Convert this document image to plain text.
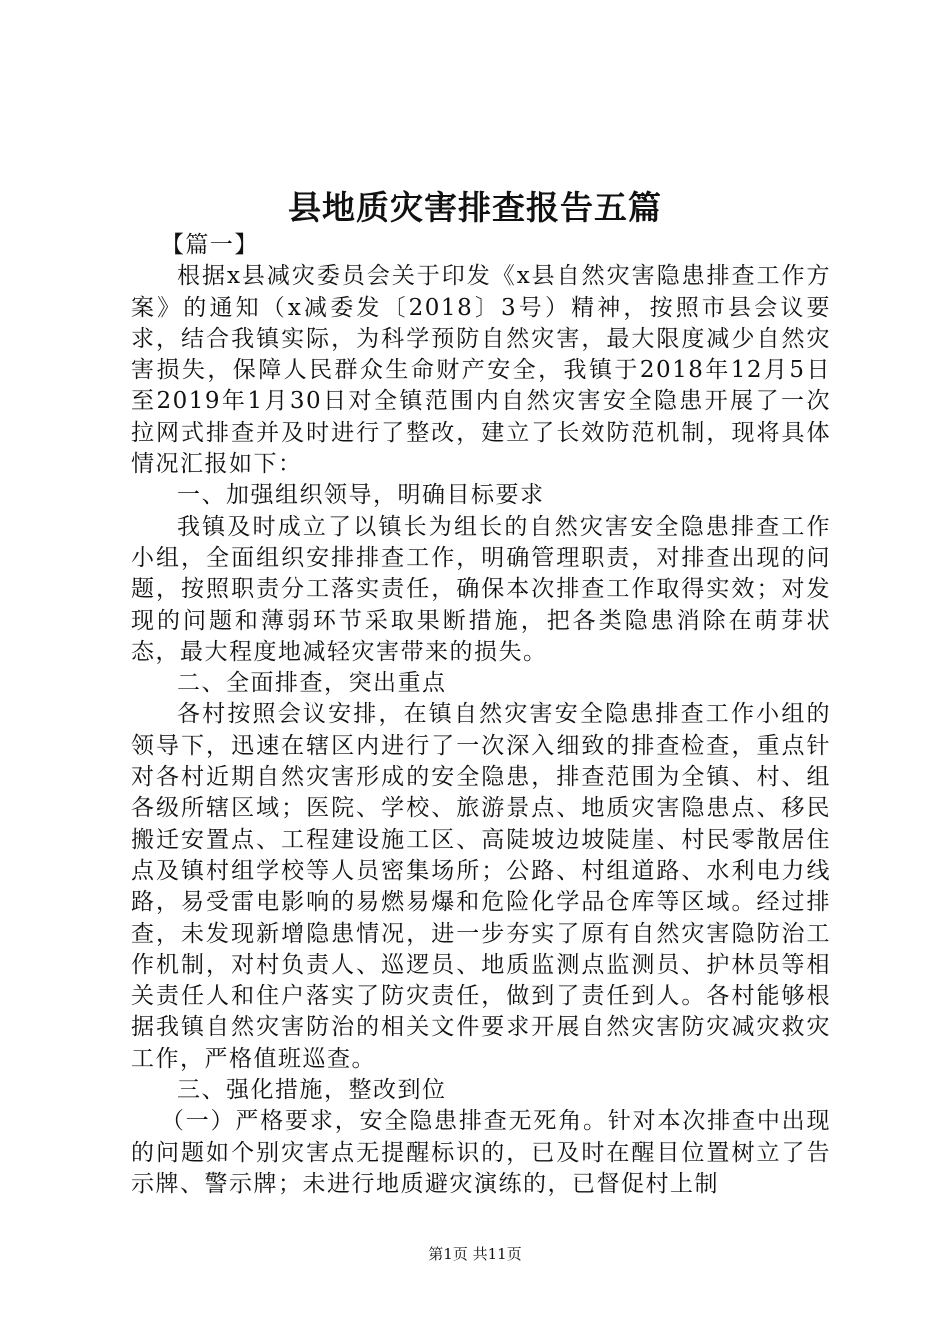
县地质灾害排查报告五篇

【篇一】

根据x县减灾委员会关于印发《x县自然灾害隐患排查工作方案》的通知（x减委发〔2018〕3号）精神，按照市县会议要求，结合我镇实际，为科学预防自然灾害，最大限度减少自然灾害损失，保障人民群众生命财产安全，我镇于2018年12月5日至2019年1月30日对全镇范围内自然灾害安全隐患开展了一次拉网式排查并及时进行了整改，建立了长效防范机制，现将具体情况汇报如下：

一、加强组织领导，明确目标要求

我镇及时成立了以镇长为组长的自然灾害安全隐患排查工作小组，全面组织安排排查工作，明确管理职责，对排查出现的问题，按照职责分工落实责任，确保本次排查工作取得实效；对发现的问题和薄弱环节采取果断措施，把各类隐患消除在萌芽状态，最大程度地减轻灾害带来的损失。

二、全面排查，突出重点

各村按照会议安排，在镇自然灾害安全隐患排查工作小组的领导下，迅速在辖区内进行了一次深入细致的排查检查，重点针对各村近期自然灾害形成的安全隐患，排查范围为全镇、村、组各级所辖区域；医院、学校、旅游景点、地质灾害隐患点、移民搬迁安置点、工程建设施工区、高陡坡边坡陡崖、村民零散居住点及镇村组学校等人员密集场所；公路、村组道路、水利电力线路，易受雷电影响的易燃易爆和危险化学品仓库等区域。经过排查，未发现新增隐患情况，进一步夯实了原有自然灾害隐防治工作机制，对村负责人、巡逻员、地质监测点监测员、护林员等相关责任人和住户落实了防灾责任，做到了责任到人。各村能够根据我镇自然灾害防治的相关文件要求开展自然灾害防灾减灾救灾工作，严格值班巡查。

三、强化措施，整改到位

（一）严格要求，安全隐患排查无死角。针对本次排查中出现的问题如个别灾害点无提醒标识的，已及时在醒目位置树立了告示牌、警示牌；未进行地质避灾演练的，已督促村上制

第1页 共11页
